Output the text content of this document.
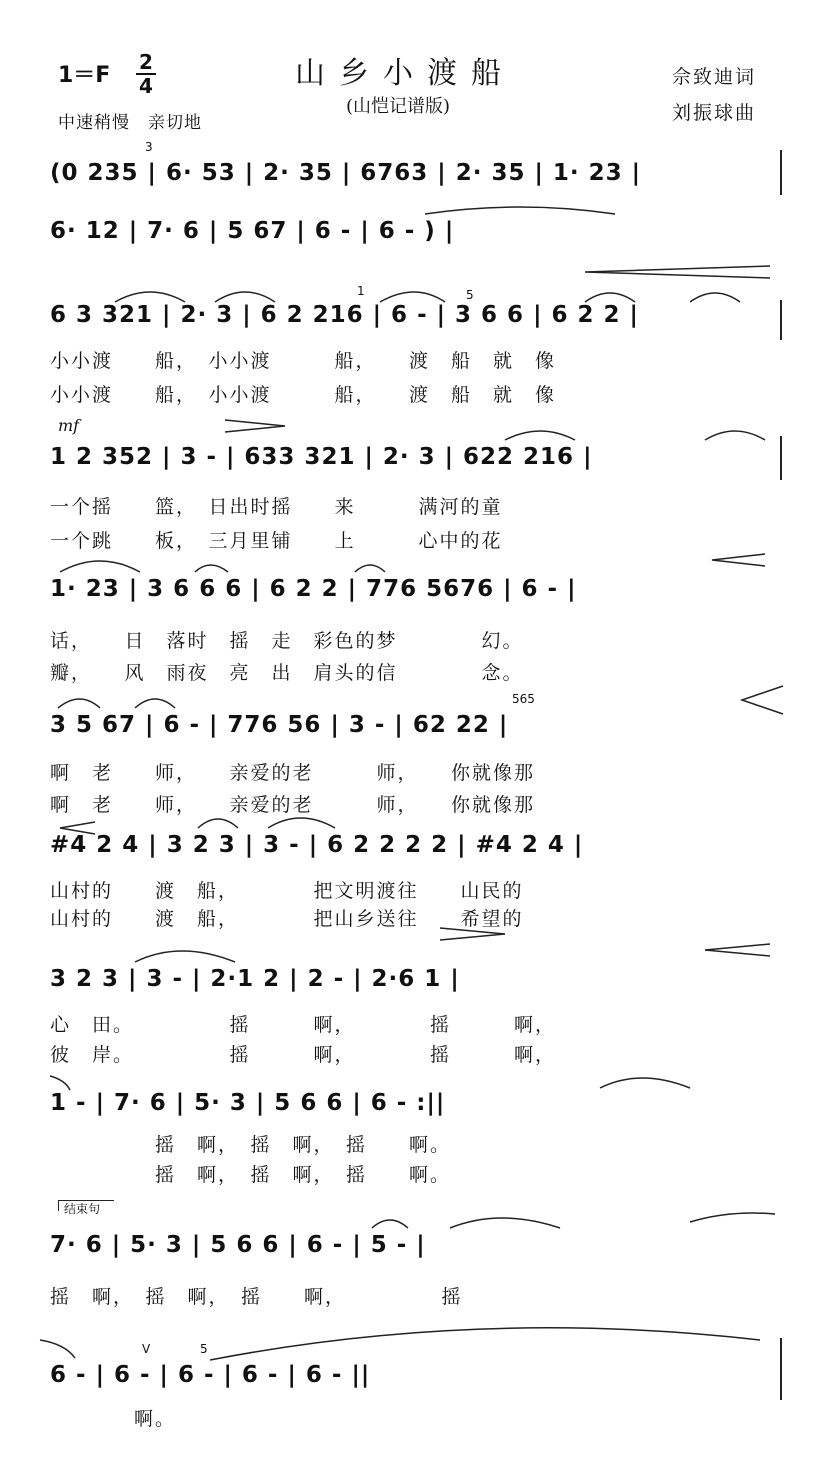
1＝F
2
4	山乡小渡船
(山恺记谱版)
佘致迪词
刘振球曲
中速稍慢　亲切地
3
(0 235 | 6· 53 | 2· 35 | 6763 | 2· 35 | 1· 23 |
6· 12 | 7· 6 | 5 67 | 6 - | 6 - ) |
1	5
6 3 321 | 2· 3 | 6 2 216 | 6 - | 3 6 6 | 6 2 2 |
小小渡　　船，　小小渡　　　船，　　渡　船　就　像
小小渡　　船，　小小渡　　　船，　　渡　船　就　像
mf
1 2 352 | 3 - | 633 321 | 2· 3 | 622 216 |
一个摇　　篮，　日出时摇　　来　　　满河的童
一个跳　　板，　三月里铺　　上　　　心中的花
1· 23 | 3 6 6 6 | 6 2 2 | 776 5676 | 6 - |
话，　　日　落时　摇　走　彩色的梦　　　　幻。
瓣，　　风　雨夜　亮　出　肩头的信　　　　念。
565
3 5 67 | 6 - | 776 56 | 3 - | 62 22 |
啊　老　　师，　　亲爱的老　　　师，　　你就像那
啊　老　　师，　　亲爱的老　　　师，　　你就像那
#4 2 4 | 3 2 3 | 3 - | 6 2 2 2 2 | #4 2 4 |
山村的　　渡　船，　　　　把文明渡往　　山民的
山村的　　渡　船，　　　　把山乡送往　　希望的
3 2 3 | 3 - | 2·1 2 | 2 - | 2·6 1 |
心　田。　　　　　摇　　　啊，　　　　摇　　　啊，
彼　岸。　　　　　摇　　　啊，　　　　摇　　　啊，
1 - | 7· 6 | 5· 3 | 5 6 6 | 6 - :||
　　　　　摇　啊，　摇　啊，　摇　　啊。
　　　　　摇　啊，　摇　啊，　摇　　啊。
结束句
7· 6 | 5· 3 | 5 6 6 | 6 - | 5 - |
摇　啊，　摇　啊，　摇　　啊，　　　　　摇
V	5
6 - | 6 - | 6 - | 6 - | 6 - ||
　　　　啊。
